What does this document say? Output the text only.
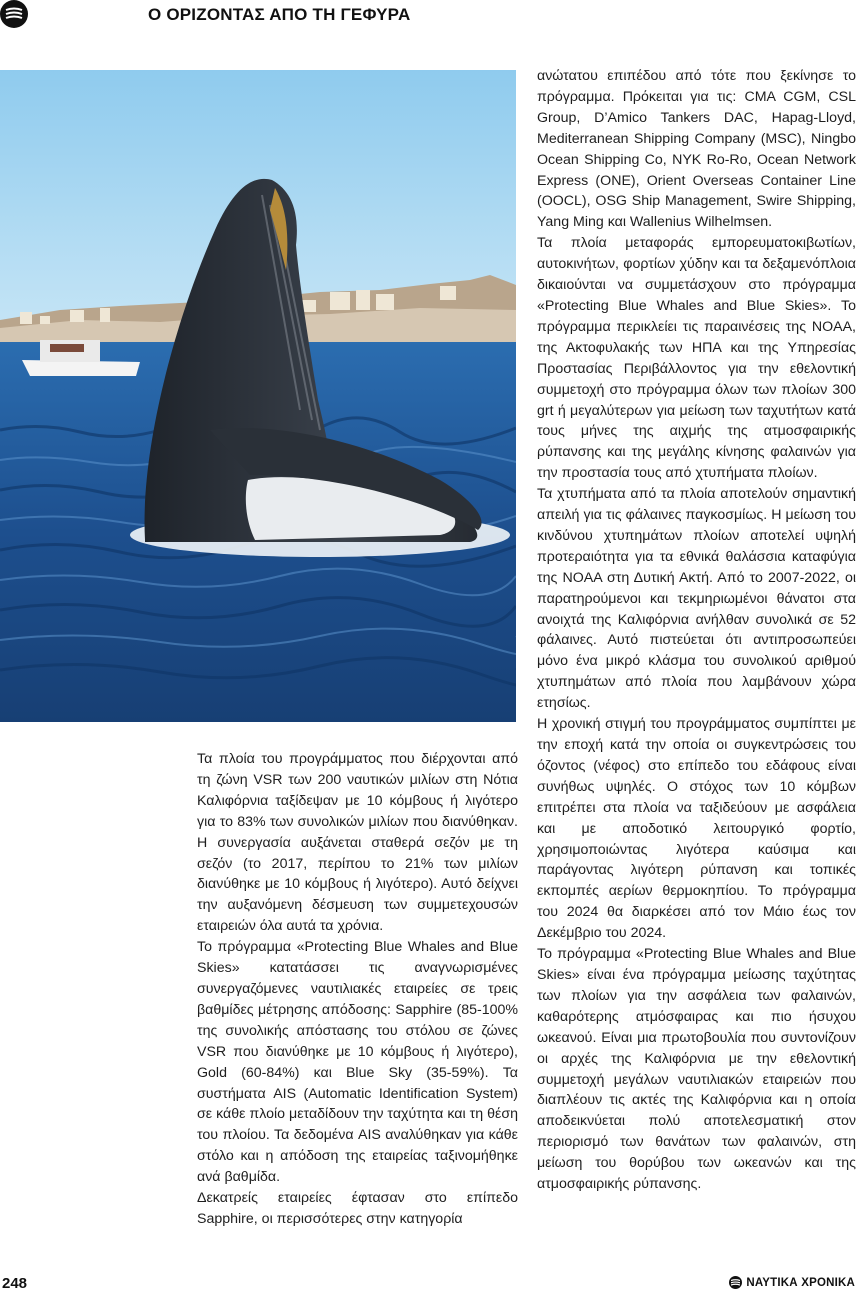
Ο ΟΡΙΖΟΝΤΑΣ ΑΠΟ ΤΗ ΓΕΦΥΡΑ

Τα πλοία του προγράμματος που διέρχονται από τη ζώνη VSR των 200 ναυτικών μιλίων στη Νότια Καλιφόρνια ταξίδεψαν με 10 κόμβους ή λιγότερο για το 83% των συνολικών μιλίων που διανύθηκαν. Η συνεργασία αυξάνεται σταθερά σεζόν με τη σεζόν (το 2017, περίπου το 21% των μιλίων διανύθηκε με 10 κόμβους ή λιγότερο). Αυτό δείχνει την αυξανόμενη δέσμευση των συμμετεχουσών εταιρειών όλα αυτά τα χρόνια.

Το πρόγραμμα «Protecting Blue Whales and Blue Skies» κατατάσσει τις αναγνωρισμένες συνεργαζόμενες ναυτιλιακές εταιρείες σε τρεις βαθμίδες μέτρησης απόδοσης: Sapphire (85-100% της συνολικής απόστασης του στόλου σε ζώνες VSR που διανύθηκε με 10 κόμβους ή λιγότερο), Gold (60-84%) και Blue Sky (35-59%). Τα συστήματα AIS (Automatic Identification System) σε κάθε πλοίο μεταδίδουν την ταχύτητα και τη θέση του πλοίου. Τα δεδομένα AIS αναλύθηκαν για κάθε στόλο και η απόδοση της εταιρείας ταξινομήθηκε ανά βαθμίδα.

Δεκατρείς εταιρείες έφτασαν στο επίπεδο Sapphire, οι περισσότερες στην κατηγορία

ανώτατου επιπέδου από τότε που ξεκίνησε το πρόγραμμα. Πρόκειται για τις: CMA CGM, CSL Group, D’Amico Tankers DAC, Hapag-Lloyd, Mediterranean Shipping Company (MSC), Ningbo Ocean Shipping Co, NYK Ro-Ro, Ocean Network Express (ONE), Orient Overseas Container Line (OOCL), OSG Ship Management, Swire Shipping, Yang Ming και Wallenius Wilhelmsen.

Τα πλοία μεταφοράς εμπορευματοκιβωτίων, αυτοκινήτων, φορτίων χύδην και τα δεξαμενόπλοια δικαιούνται να συμμετάσχουν στο πρόγραμμα «Protecting Blue Whales and Blue Skies». Το πρόγραμμα περικλείει τις παραινέσεις της NOAA, της Ακτοφυλακής των ΗΠΑ και της Υπηρεσίας Προστασίας Περιβάλλοντος για την εθελοντική συμμετοχή στο πρόγραμμα όλων των πλοίων 300 grt ή μεγαλύτερων για μείωση των ταχυτήτων κατά τους μήνες της αιχμής της ατμοσφαιρικής ρύπανσης και της μεγάλης κίνησης φαλαινών για την προστασία τους από χτυπήματα πλοίων.

Τα χτυπήματα από τα πλοία αποτελούν σημαντική απειλή για τις φάλαινες παγκοσμίως. Η μείωση του κινδύνου χτυπημάτων πλοίων αποτελεί υψηλή προτεραιότητα για τα εθνικά θαλάσσια καταφύγια της NOAA στη Δυτική Ακτή. Από το 2007-2022, οι παρατηρούμενοι και τεκμηριωμένοι θάνατοι στα ανοιχτά της Καλιφόρνια ανήλθαν συνολικά σε 52 φάλαινες. Αυτό πιστεύεται ότι αντιπροσωπεύει μόνο ένα μικρό κλάσμα του συνολικού αριθμού χτυπημάτων από πλοία που λαμβάνουν χώρα ετησίως.

Η χρονική στιγμή του προγράμματος συμπίπτει με την εποχή κατά την οποία οι συγκεντρώσεις του όζοντος (νέφος) στο επίπεδο του εδάφους είναι συνήθως υψηλές. Ο στόχος των 10 κόμβων επιτρέπει στα πλοία να ταξιδεύουν με ασφάλεια και με αποδοτικό λειτουργικό φορτίο, χρησιμοποιώντας λιγότερα καύσιμα και παράγοντας λιγότερη ρύπανση και τοπικές εκπομπές αερίων θερμοκηπίου. Το πρόγραμμα του 2024 θα διαρκέσει από τον Μάιο έως τον Δεκέμβριο του 2024.

Το πρόγραμμα «Protecting Blue Whales and Blue Skies» είναι ένα πρόγραμμα μείωσης ταχύτητας των πλοίων για την ασφάλεια των φαλαινών, καθαρότερης ατμόσφαιρας και πιο ήσυχου ωκεανού. Είναι μια πρωτοβουλία που συντονίζουν οι αρχές της Καλιφόρνια με την εθελοντική συμμετοχή μεγάλων ναυτιλιακών εταιρειών που διαπλέουν τις ακτές της Καλιφόρνια και η οποία αποδεικνύεται πολύ αποτελεσματική στον περιορισμό των θανάτων των φαλαινών, στη μείωση του θορύβου των ωκεανών και της ατμοσφαιρικής ρύπανσης.

248	ΝΑΥΤΙΚΑ ΧΡΟΝΙΚΑ
